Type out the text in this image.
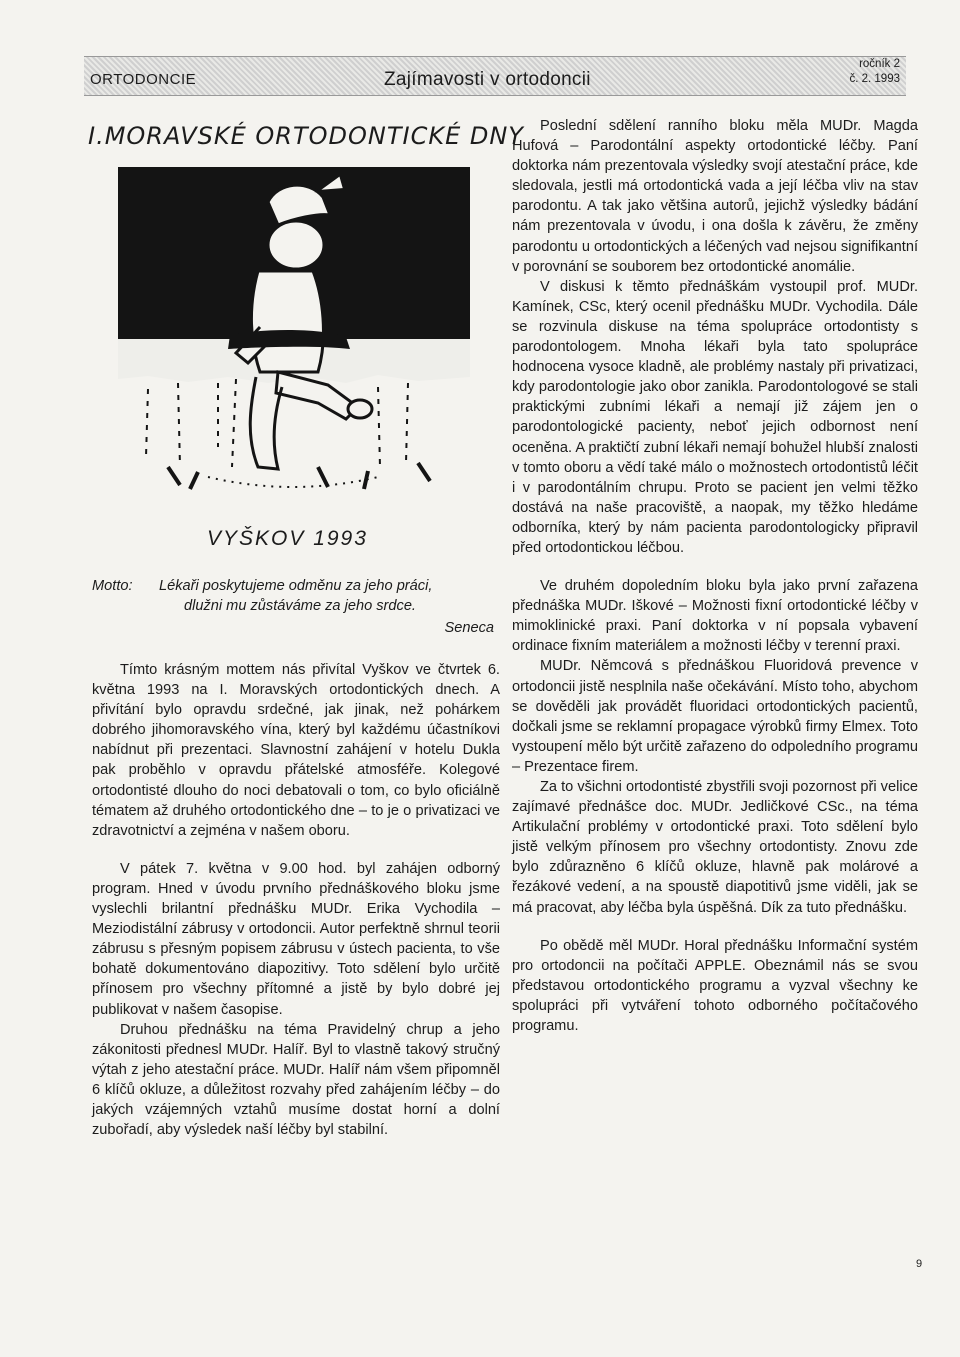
ORTODONCIE	Zajímavosti v ortodoncii
ročník 2
č. 2. 1993
I.MORAVSKÉ ORTODONTICKÉ DNY
VYŠKOV 1993
Motto: Lékaři poskytujeme odměnu za jeho práci,
dlužni mu zůstáváme za jeho srdce.
Seneca

Tímto krásným mottem nás přivítal Vyškov ve čtvrtek 6. května 1993 na I. Moravských ortodontických dnech. A přivítání bylo opravdu srdečné, jak jinak, než pohárkem dobrého jihomoravského vína, který byl každému účastníkovi nabídnut při prezentaci. Slavnostní zahájení v hotelu Dukla pak proběhlo v opravdu přátelské atmosféře. Kolegové ortodontisté dlouho do noci debatovali o tom, co bylo oficiálně tématem až druhého ortodontického dne – to je o privatizaci ve zdravotnictví a zejména v našem oboru.

V pátek 7. května v 9.00 hod. byl zahájen odborný program. Hned v úvodu prvního přednáškového bloku jsme vyslechli brilantní přednášku MUDr. Erika Vychodila – Meziodistální zábrusy v ortodoncii. Autor perfektně shrnul teorii zábrusu s přesným popisem zábrusu v ústech pacienta, to vše bohatě dokumentováno diapozitivy. Toto sdělení bylo určitě přínosem pro všechny přítomné a jistě by bylo dobré jej publikovat v našem časopise.

Druhou přednášku na téma Pravidelný chrup a jeho zákonitosti přednesl MUDr. Halíř. Byl to vlastně takový stručný výtah z jeho atestační práce. MUDr. Halíř nám všem připomněl 6 klíčů okluze, a důležitost rozvahy před zahájením léčby – do jakých vzájemných vztahů musíme dostat horní a dolní zubořadí, aby výsledek naší léčby byl stabilní.

Poslední sdělení ranního bloku měla MUDr. Magda Hufová – Parodontální aspekty ortodontické léčby. Paní doktorka nám prezentovala výsledky svojí atestační práce, kde sledovala, jestli má ortodontická vada a její léčba vliv na stav parodontu. A tak jako většina autorů, jejichž výsledky bádání nám prezentovala v úvodu, i ona došla k závěru, že změny parodontu u ortodontických a léčených vad nejsou signifikantní v porovnání se souborem bez ortodontické anomálie.

V diskusi k těmto přednáškám vystoupil prof. MUDr. Kamínek, CSc, který ocenil přednášku MUDr. Vychodila. Dále se rozvinula diskuse na téma spolupráce ortodontisty s parodontologem. Mnoha lékaři byla tato spolupráce hodnocena vysoce kladně, ale problémy nastaly při privatizaci, kdy parodontologie jako obor zanikla. Parodontologové se stali praktickými zubními lékaři a nemají již zájem jen o parodontologické pacienty, neboť jejich odbornost není oceněna. A praktičtí zubní lékaři nemají bohužel hlubší znalosti v tomto oboru a vědí také málo o možnostech ortodontistů léčit i v parodontálním chrupu. Proto se pacient jen velmi těžko dostává na naše pracoviště, a naopak, my těžko hledáme odborníka, který by nám pacienta parodontologicky připravil před ortodontickou léčbou.

Ve druhém dopoledním bloku byla jako první zařazena přednáška MUDr. Iškové – Možnosti fixní ortodontické léčby v mimoklinické praxi. Paní doktorka v ní popsala vybavení ordinace fixním materiálem a možnosti léčby v terenní praxi.

MUDr. Němcová s přednáškou Fluoridová prevence v ortodoncii jistě nesplnila naše očekávání. Místo toho, abychom se dověděli jak provádět fluoridaci ortodontických pacientů, dočkali jsme se reklamní propagace výrobků firmy Elmex. Toto vystoupení mělo být určitě zařazeno do odpoledního programu – Prezentace firem.

Za to všichni ortodontisté zbystřili svoji pozornost při velice zajímavé přednášce doc. MUDr. Jedličkové CSc., na téma Artikulační problémy v ortodontické praxi. Toto sdělení bylo jistě velkým přínosem pro všechny ortodontisty. Znovu zde bylo zdůrazněno 6 klíčů okluze, hlavně pak molárové a řezákové vedení, a na spoustě diapotitivů jsme viděli, jak se má pracovat, aby léčba byla úspěšná. Dík za tuto přednášku.

Po obědě měl MUDr. Horal přednášku Informační systém pro ortodoncii na počítači APPLE. Obeznámil nás se svou představou ortodontického programu a vyzval všechny ke spolupráci při vytváření tohoto odborného počítačového programu.

9
